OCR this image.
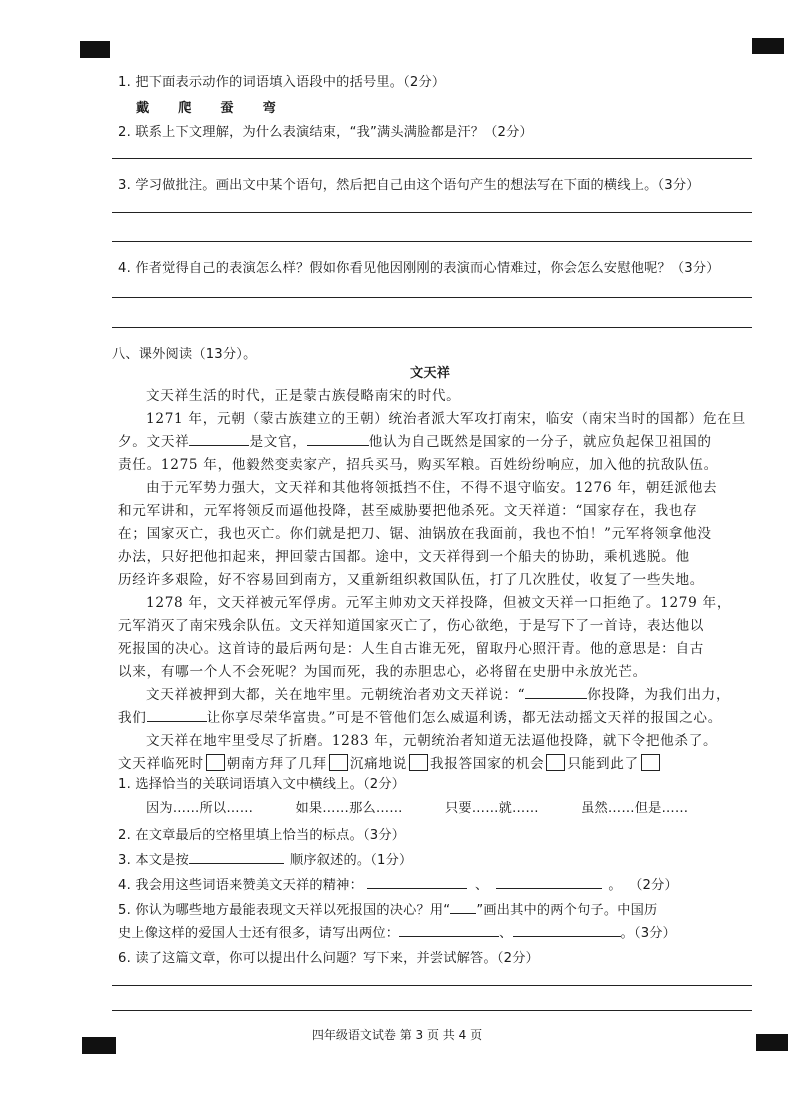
1. 把下面表示动作的词语填入语段中的括号里。（2分）
戴 爬 蚕 弯
2. 联系上下文理解，为什么表演结束，“我”满头满脸都是汗？（2分）
3. 学习做批注。画出文中某个语句，然后把自己由这个语句产生的想法写在下面的横线上。（3分）
4. 作者觉得自己的表演怎么样？假如你看见他因刚刚的表演而心情难过，你会怎么安慰他呢？（3分）
八、课外阅读（13分）。
文天祥
文天祥生活的时代，正是蒙古族侵略南宋的时代。
1271 年，元朝（蒙古族建立的王朝）统治者派大军攻打南宋，临安（南宋当时的国都）危在旦
夕。文天祥	是文官，	他认为自己既然是国家的一分子，就应负起保卫祖国的
责任。1275 年，他毅然变卖家产，招兵买马，购买军粮。百姓纷纷响应，加入他的抗敌队伍。
由于元军势力强大，文天祥和其他将领抵挡不住，不得不退守临安。1276 年，朝廷派他去
和元军讲和，元军将领反而逼他投降，甚至威胁要把他杀死。文天祥道：“国家存在，我也存
在；国家灭亡，我也灭亡。你们就是把刀、锯、油锅放在我面前，我也不怕！”元军将领拿他没
办法，只好把他扣起来，押回蒙古国都。途中，文天祥得到一个船夫的协助，乘机逃脱。他
历经许多艰险，好不容易回到南方，又重新组织救国队伍，打了几次胜仗，收复了一些失地。
1278 年，文天祥被元军俘虏。元军主帅劝文天祥投降，但被文天祥一口拒绝了。1279 年，
元军消灭了南宋残余队伍。文天祥知道国家灭亡了，伤心欲绝，于是写下了一首诗，表达他以
死报国的决心。这首诗的最后两句是：人生自古谁无死，留取丹心照汗青。他的意思是：自古
以来，有哪一个人不会死呢？为国而死，我的赤胆忠心，必将留在史册中永放光芒。
文天祥被押到大都，关在地牢里。元朝统治者劝文天祥说：“	你投降，为我们出力，
我们	让你享尽荣华富贵。”可是不管他们怎么威逼利诱，都无法动摇文天祥的报国之心。
文天祥在地牢里受尽了折磨。1283 年，元朝统治者知道无法逼他投降，就下令把他杀了。
文天祥临死时 朝南方拜了几拜 沉痛地说 我报答国家的机会 只能到此了
1. 选择恰当的关联词语填入文中横线上。（2分）
因为……所以……	如果……那么……	只要……就……	虽然……但是……
2. 在文章最后的空格里填上恰当的标点。（3分）
3. 本文是按	顺序叙述的。（1分）
4. 我会用这些词语来赞美文天祥的精神：	、	。 （2分）
5. 你认为哪些地方最能表现文天祥以死报国的决心？用“ ”画出其中的两个句子。中国历
史上像这样的爱国人士还有很多，请写出两位：	、	。（3分）
6. 读了这篇文章，你可以提出什么问题？写下来，并尝试解答。（2分）
四年级语文试卷 第 3 页 共 4 页
